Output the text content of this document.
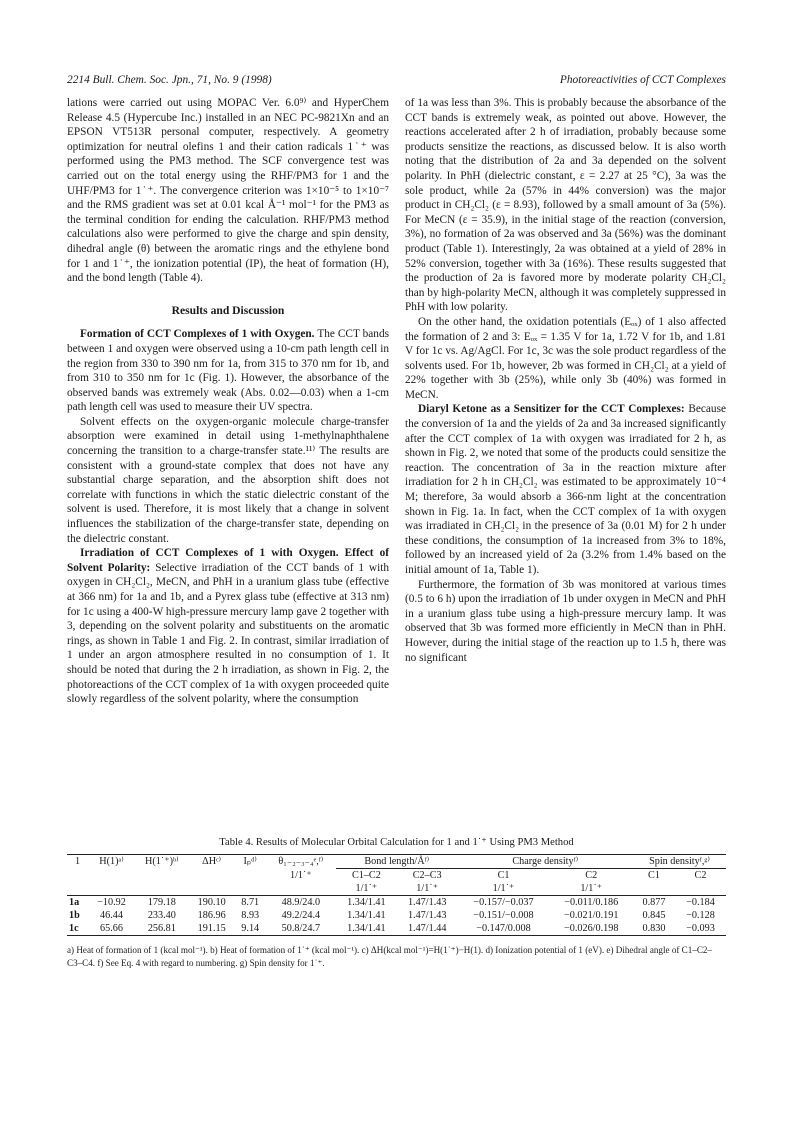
2214 Bull. Chem. Soc. Jpn., 71, No. 9 (1998)	Photoreactivities of CCT Complexes

lations were carried out using MOPAC Ver. 6.0⁹⁾ and HyperChem Release 4.5 (Hypercube Inc.) installed in an NEC PC-9821Xn and an EPSON VT513R personal computer, respectively. A geometry optimization for neutral olefins 1 and their cation radicals 1˙⁺ was performed using the PM3 method. The SCF convergence test was carried out on the total energy using the RHF/PM3 for 1 and the UHF/PM3 for 1˙⁺. The convergence criterion was 1×10⁻⁵ to 1×10⁻⁷ and the RMS gradient was set at 0.01 kcal Å⁻¹ mol⁻¹ for the PM3 as the terminal condition for ending the calculation. RHF/PM3 method calculations also were performed to give the charge and spin density, dihedral angle (θ) between the aromatic rings and the ethylene bond for 1 and 1˙⁺, the ionization potential (IP), the heat of formation (H), and the bond length (Table 4).

Results and Discussion

Formation of CCT Complexes of 1 with Oxygen. The CCT bands between 1 and oxygen were observed using a 10-cm path length cell in the region from 330 to 390 nm for 1a, from 315 to 370 nm for 1b, and from 310 to 350 nm for 1c (Fig. 1). However, the absorbance of the observed bands was extremely weak (Abs. 0.02—0.03) when a 1-cm path length cell was used to measure their UV spectra.

Solvent effects on the oxygen-organic molecule charge-transfer absorption were examined in detail using 1-methylnaphthalene concerning the transition to a charge-transfer state.¹¹⁾ The results are consistent with a ground-state complex that does not have any substantial charge separation, and the absorption shift does not correlate with functions in which the static dielectric constant of the solvent is used. Therefore, it is most likely that a change in solvent influences the stabilization of the charge-transfer state, depending on the dielectric constant.

Irradiation of CCT Complexes of 1 with Oxygen. Effect of Solvent Polarity: Selective irradiation of the CCT bands of 1 with oxygen in CH₂Cl₂, MeCN, and PhH in a uranium glass tube (effective at 366 nm) for 1a and 1b, and a Pyrex glass tube (effective at 313 nm) for 1c using a 400-W high-pressure mercury lamp gave 2 together with 3, depending on the solvent polarity and substituents on the aromatic rings, as shown in Table 1 and Fig. 2. In contrast, similar irradiation of 1 under an argon atmosphere resulted in no consumption of 1. It should be noted that during the 2 h irradiation, as shown in Fig. 2, the photoreactions of the CCT complex of 1a with oxygen proceeded quite slowly regardless of the solvent polarity, where the consumption

of 1a was less than 3%. This is probably because the absorbance of the CCT bands is extremely weak, as pointed out above. However, the reactions accelerated after 2 h of irradiation, probably because some products sensitize the reactions, as discussed below. It is also worth noting that the distribution of 2a and 3a depended on the solvent polarity. In PhH (dielectric constant, ε = 2.27 at 25 °C), 3a was the sole product, while 2a (57% in 44% conversion) was the major product in CH₂Cl₂ (ε = 8.93), followed by a small amount of 3a (5%). For MeCN (ε = 35.9), in the initial stage of the reaction (conversion, 3%), no formation of 2a was observed and 3a (56%) was the dominant product (Table 1). Interestingly, 2a was obtained at a yield of 28% in 52% conversion, together with 3a (16%). These results suggested that the production of 2a is favored more by moderate polarity CH₂Cl₂ than by high-polarity MeCN, although it was completely suppressed in PhH with low polarity.

On the other hand, the oxidation potentials (Eₒₓ) of 1 also affected the formation of 2 and 3: Eₒₓ = 1.35 V for 1a, 1.72 V for 1b, and 1.81 V for 1c vs. Ag/AgCl. For 1c, 3c was the sole product regardless of the solvents used. For 1b, however, 2b was formed in CH₂Cl₂ at a yield of 22% together with 3b (25%), while only 3b (40%) was formed in MeCN.

Diaryl Ketone as a Sensitizer for the CCT Complexes: Because the conversion of 1a and the yields of 2a and 3a increased significantly after the CCT complex of 1a with oxygen was irradiated for 2 h, as shown in Fig. 2, we noted that some of the products could sensitize the reaction. The concentration of 3a in the reaction mixture after irradiation for 2 h in CH₂Cl₂ was estimated to be approximately 10⁻⁴ M; therefore, 3a would absorb a 366-nm light at the concentration shown in Fig. 1a. In fact, when the CCT complex of 1a with oxygen was irradiated in CH₂Cl₂ in the presence of 3a (0.01 M) for 2 h under these conditions, the consumption of 1a increased from 3% to 18%, followed by an increased yield of 2a (3.2% from 1.4% based on the initial amount of 1a, Table 1).

Furthermore, the formation of 3b was monitored at various times (0.5 to 6 h) upon the irradiation of 1b under oxygen in MeCN and PhH in a uranium glass tube using a high-pressure mercury lamp. It was observed that 3b was formed more efficiently in MeCN than in PhH. However, during the initial stage of the reaction up to 1.5 h, there was no significant

Table 4. Results of Molecular Orbital Calculation for 1 and 1˙⁺ Using PM3 Method
1	H(1)ᵃ⁾	H(1˙⁺)ᵇ⁾	ΔHᶜ⁾	Iₚᵈ⁾	θ₁₋₂₋₃₋₄ᵉ,ᶠ⁾	Bond length/Åᶠ⁾		Charge densityᶠ⁾		Spin densityᶠ,ᵍ⁾	
					1/1˙⁺	C1–C2	C2–C3	C1	C2	C1	C2
						1/1˙⁺	1/1˙⁺	1/1˙⁺	1/1˙⁺		
1a	−10.92	179.18	190.10	8.71	48.9/24.0	1.34/1.41	1.47/1.43	−0.157/−0.037	−0.011/0.186	0.877	−0.184
1b	46.44	233.40	186.96	8.93	49.2/24.4	1.34/1.41	1.47/1.43	−0.151/−0.008	−0.021/0.191	0.845	−0.128
1c	65.66	256.81	191.15	9.14	50.8/24.7	1.34/1.41	1.47/1.44	−0.147/0.008	−0.026/0.198	0.830	−0.093
a) Heat of formation of 1 (kcal mol⁻¹). b) Heat of formation of 1˙⁺ (kcal mol⁻¹). c) ΔH(kcal mol⁻¹)=H(1˙⁺)−H(1). d) Ionization potential of 1 (eV). e) Dihedral angle of C1–C2–C3–C4. f) See Eq. 4 with regard to numbering. g) Spin density for 1˙⁺.
